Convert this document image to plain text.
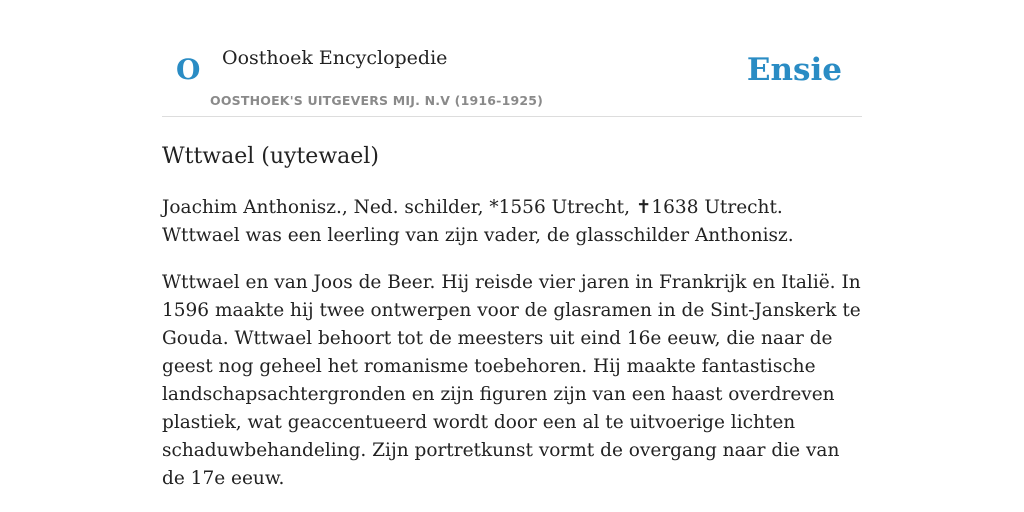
O Oosthoek Encyclopedie
OOSTHOEK'S UITGEVERS MIJ. N.V (1916-1925)
Ensie
Wttwael (uytewael)

Joachim Anthonisz., Ned. schilder, *1556 Utrecht, ✝1638 Utrecht. Wttwael was een leerling van zijn vader, de glasschilder Anthonisz.

Wttwael en van Joos de Beer. Hij reisde vier jaren in Frankrijk en Italië. In 1596 maakte hij twee ontwerpen voor de glasramen in de Sint-Janskerk te Gouda. Wttwael behoort tot de meesters uit eind 16e eeuw, die naar de geest nog geheel het romanisme toebehoren. Hij maakte fantastische landschapsachtergronden en zijn figuren zijn van een haast overdreven plastiek, wat geaccentueerd wordt door een al te uitvoerige lichten schaduwbehandeling. Zijn portretkunst vormt de overgang naar die van de 17e eeuw.
